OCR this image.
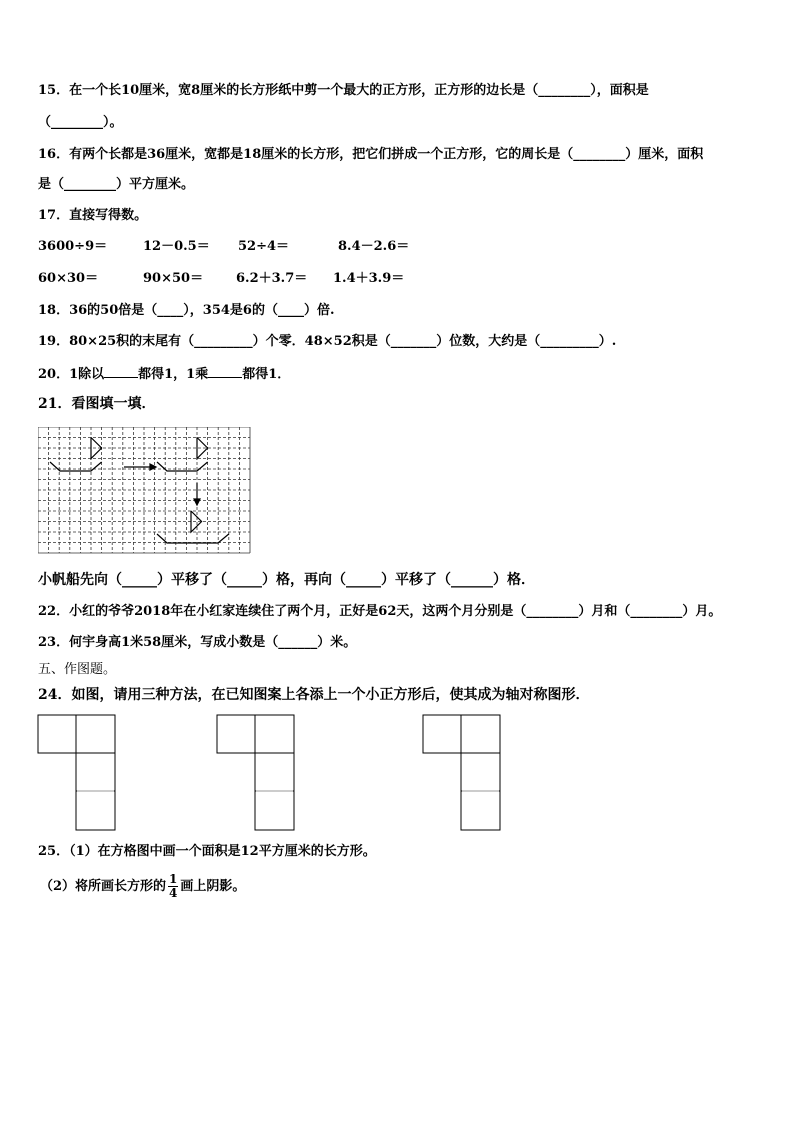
15．在一个长10厘米，宽8厘米的长方形纸中剪一个最大的正方形，正方形的边长是（________），面积是
（________）。
16．有两个长都是36厘米，宽都是18厘米的长方形，把它们拼成一个正方形，它的周长是（________）厘米，面积
是（________）平方厘米。
17．直接写得数。
3600÷9＝	12－0.5＝ 52÷4＝	8.4－2.6＝
60×30＝	90×50＝	6.2＋3.7＝ 1.4＋3.9＝
18．36的50倍是（____），354是6的（____）倍.
19．80×25积的末尾有（_________）个零．48×52积是（_______）位数，大约是（_________）.
20．1除以	都得1，1乘	都得1．
21．看图填一填．
小帆船先向（_____）平移了（_____）格，再向（_____）平移了（______）格．
22．小红的爷爷2018年在小红家连续住了两个月，正好是62天，这两个月分别是（________）月和（________）月。
23．何宇身高1米58厘米，写成小数是（______）米。
五、作图题。
24．如图，请用三种方法，在已知图案上各添上一个小正方形后，使其成为轴对称图形．
25．（1）在方格图中画一个面积是12平方厘米的长方形。
（2）将所画长方形的 $\frac{1}{4}$ 画上阴影。
